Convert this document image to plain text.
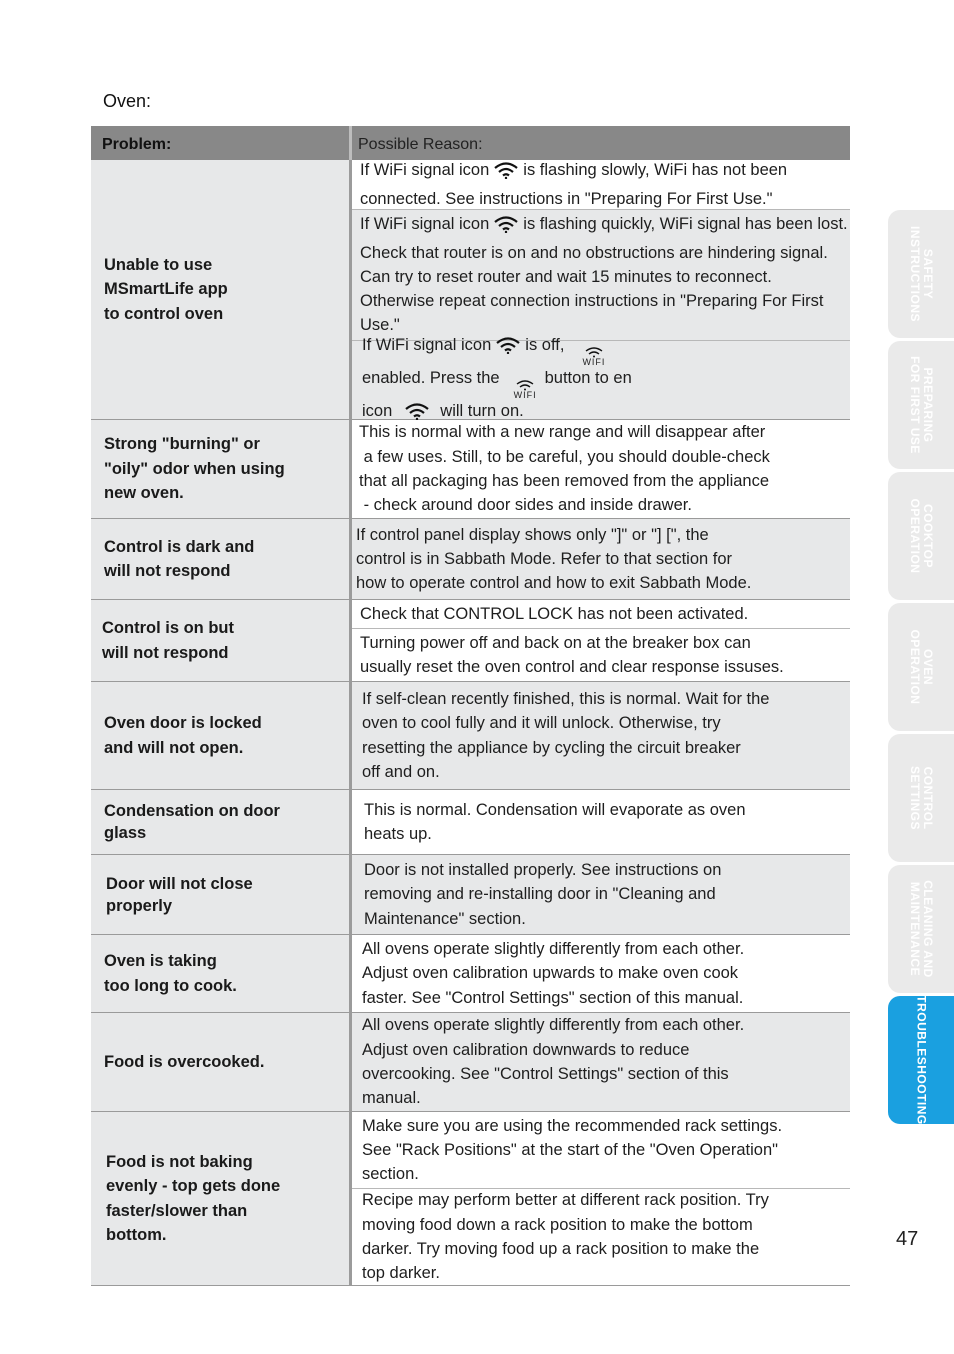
Oven:
Problem:	Possible Reason:
Unable to use
MSmartLife app
to control oven
If WiFi signal icon is flashing slowly, WiFi has not been connected. See instructions in "Preparing For First Use."
If WiFi signal icon is flashing quickly, WiFi signal has been lost. Check that router is on and no obstructions are hindering signal. Can try to reset router and wait 15 minutes to reconnect. Otherwise repeat connection instructions in "Preparing For First Use."
If WiFi signal icon is off,
WIFI

enabled. Press the
WIFI
button to en
icon	will turn on.
Strong "burning" or
"oily" odor when using
new oven.
This is normal with a new range and will disappear after
a few uses. Still, to be careful, you should double-check
that all packaging has been removed from the appliance
- check around door sides and inside drawer.
Control is dark and
will not respond
If control panel display shows only "]" or "] [", the
control is in Sabbath Mode. Refer to that section for
how to operate control and how to exit Sabbath Mode.
Control is on but
will not respond
Check that CONTROL LOCK has not been activated.
Turning power off and back on at the breaker box can
usually reset the oven control and clear response issuses.
Oven door is locked
and will not open.
If self-clean recently finished, this is normal. Wait for the
oven to cool fully and it will unlock. Otherwise, try
resetting the appliance by cycling the circuit breaker
off and on.
Condensation on door
glass
This is normal. Condensation will evaporate as oven
heats up.
Door will not close
properly
Door is not installed properly. See instructions on
removing and re-installing door in "Cleaning and
Maintenance" section.
Oven is taking
too long to cook.
All ovens operate slightly differently from each other.
Adjust oven calibration upwards to make oven cook
faster. See "Control Settings" section of this manual.
Food is overcooked.
All ovens operate slightly differently from each other.
Adjust oven calibration downwards to reduce
overcooking. See "Control Settings" section of this
manual.
Food is not baking
evenly - top gets done
faster/slower than
bottom.
Make sure you are using the recommended rack settings.
See "Rack Positions" at the start of the "Oven Operation"
section.
Recipe may perform better at different rack position. Try
moving food down a rack position to make the bottom
darker. Try moving food up a rack position to make the
top darker.
SAFETY
INSTRUCTIONS
PREPARING
FOR FIRST USE
COOKTOP
OPERATION
OVEN
OPERATION
CONTROL
SETTINGS
CLEANING AND
MAINTENANCE
TROUBLESHOOTING
47
